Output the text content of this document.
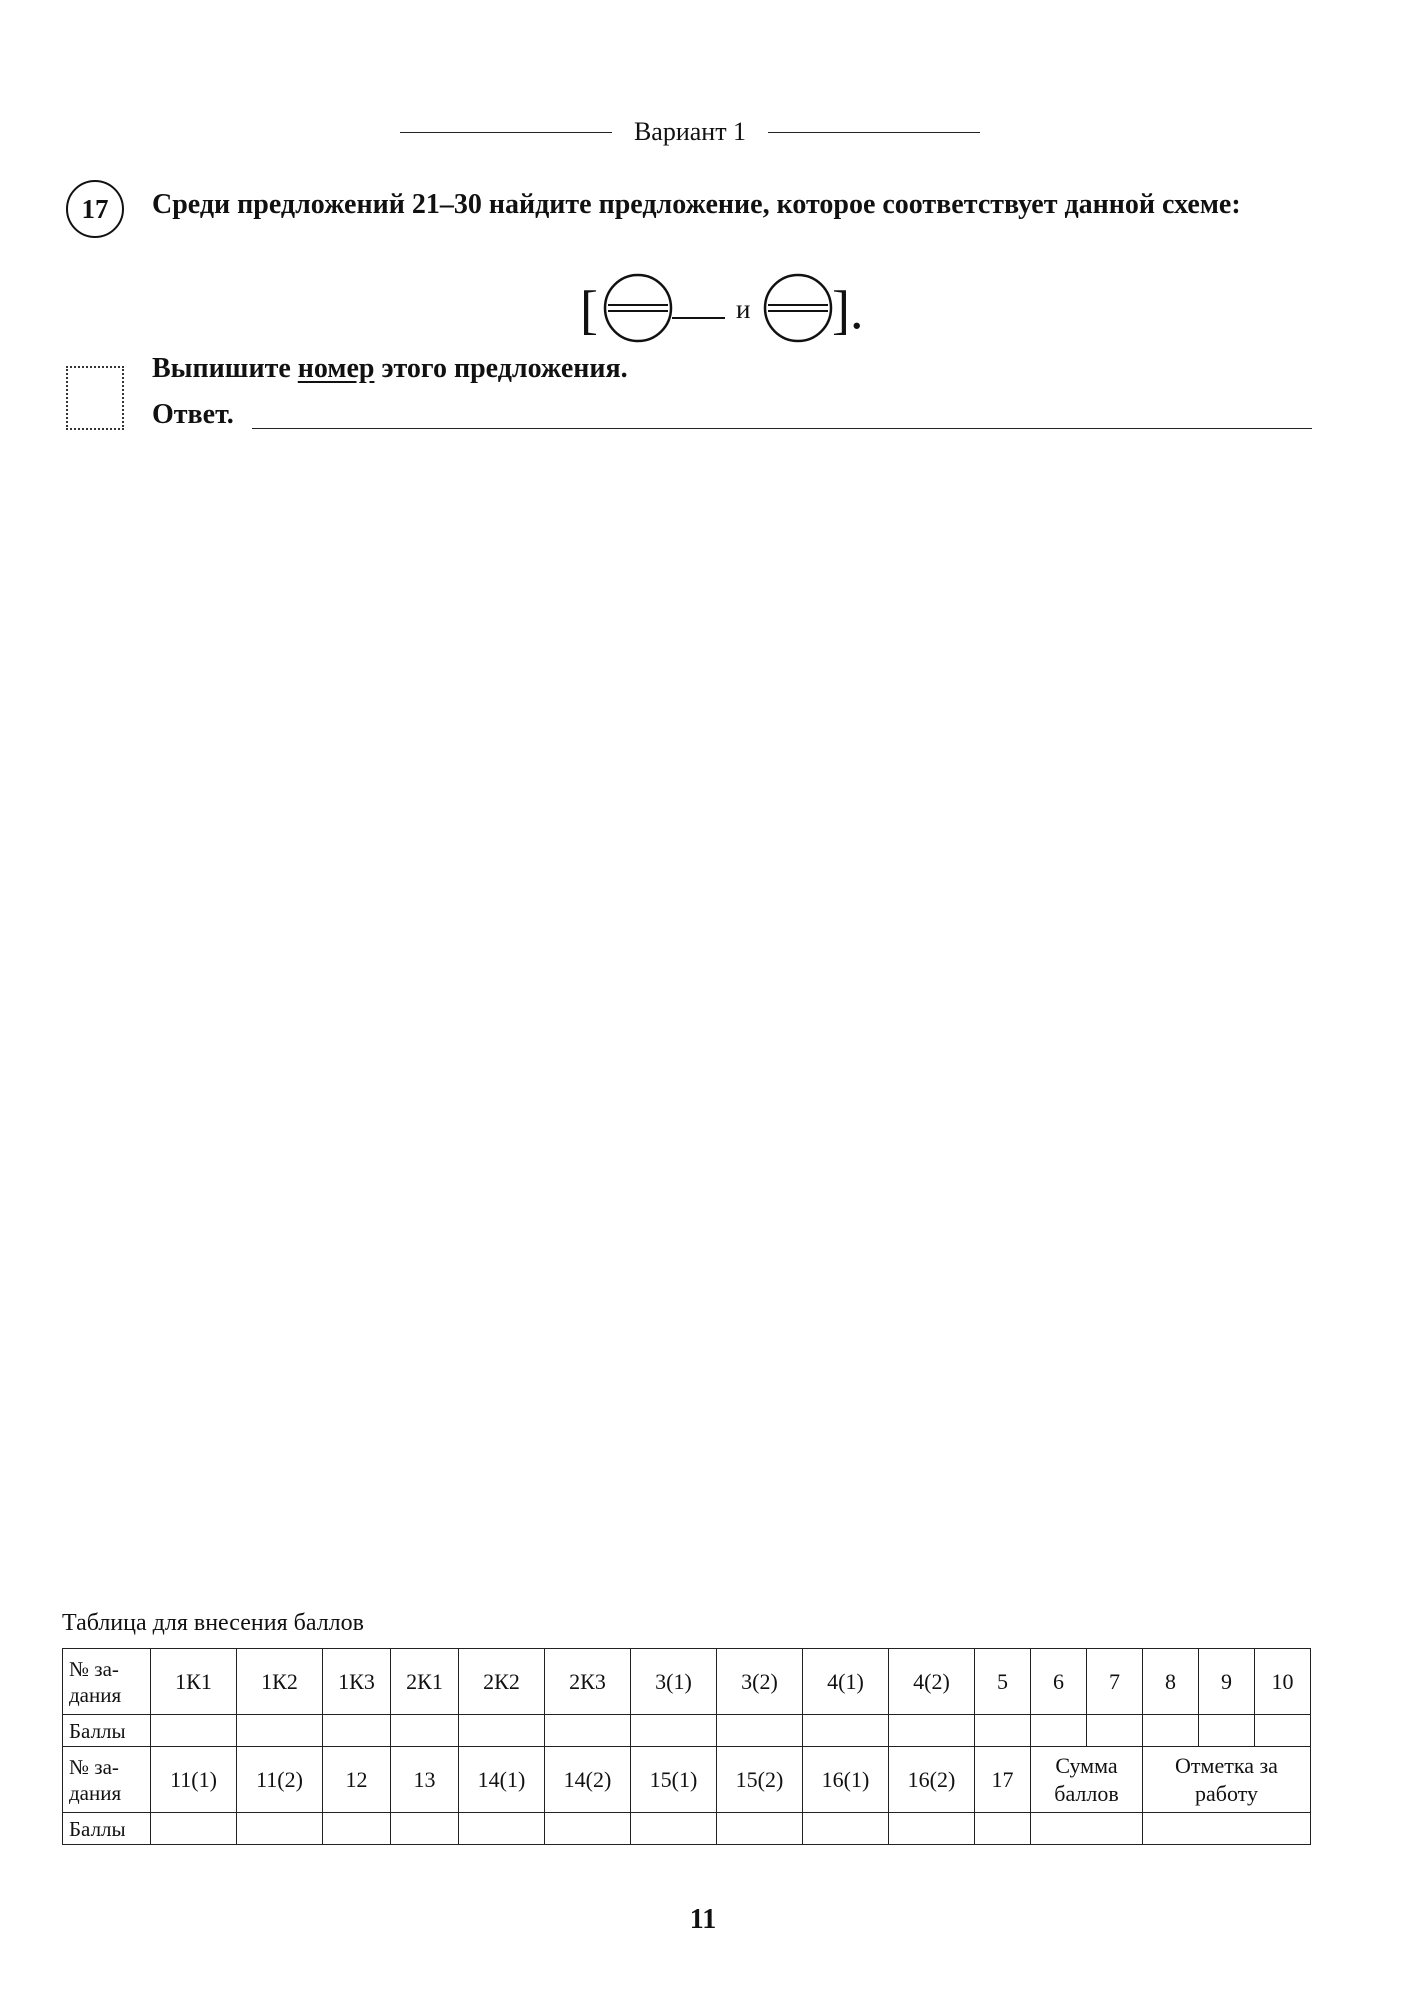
Вариант 1
17 Среди предложений 21–30 найдите предложение, которое соответствует данной схеме:
[	и ].
Выпишите номер этого предложения.
Ответ.
Таблица для внесения баллов
№ за-дания	1К1	1К2	1К3	2К1	2К2	2К3	3(1)	3(2)	4(1)	4(2)	5	6	7	8	9	10
Баллы																
№ за-дания	11(1)	11(2)	12	13	14(1)	14(2)	15(1)	15(2)	16(1)	16(2)	17	Сумма баллов		Отметка за работу		
Баллы																
11
